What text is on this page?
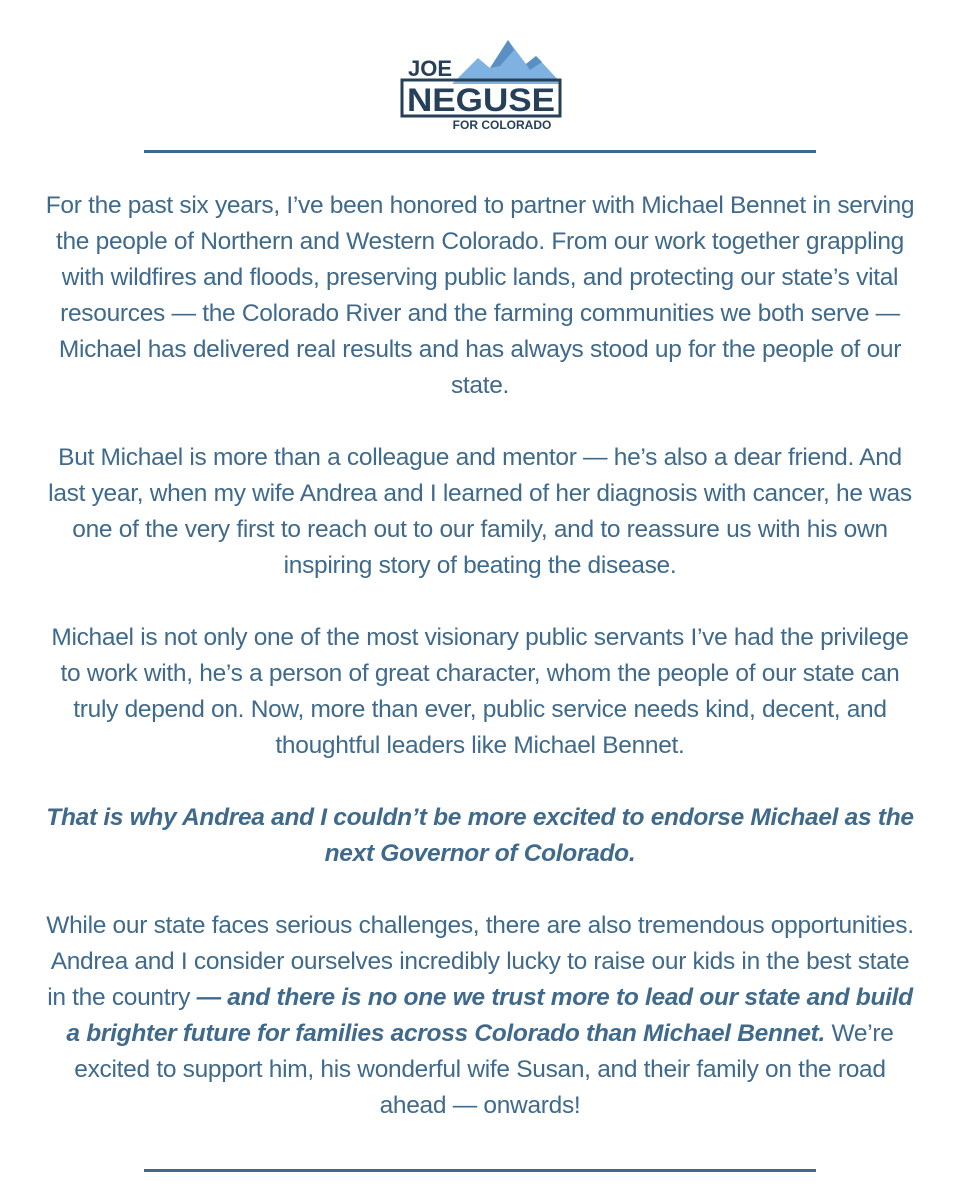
JOE
NEGUSE
FOR COLORADO

For the past six years, I’ve been honored to partner with Michael Bennet in serving the people of Northern and Western Colorado. From our work together grappling with wildfires and floods, preserving public lands, and protecting our state’s vital resources — the Colorado River and the farming communities we both serve — Michael has delivered real results and has always stood up for the people of our state.

But Michael is more than a colleague and mentor — he’s also a dear friend. And last year, when my wife Andrea and I learned of her diagnosis with cancer, he was one of the very first to reach out to our family, and to reassure us with his own inspiring story of beating the disease.

Michael is not only one of the most visionary public servants I’ve had the privilege to work with, he’s a person of great character, whom the people of our state can truly depend on. Now, more than ever, public service needs kind, decent, and thoughtful leaders like Michael Bennet.

That is why Andrea and I couldn’t be more excited to endorse Michael as the next Governor of Colorado.

While our state faces serious challenges, there are also tremendous opportunities. Andrea and I consider ourselves incredibly lucky to raise our kids in the best state in the country — and there is no one we trust more to lead our state and build a brighter future for families across Colorado than Michael Bennet. We’re excited to support him, his wonderful wife Susan, and their family on the road ahead — onwards!
